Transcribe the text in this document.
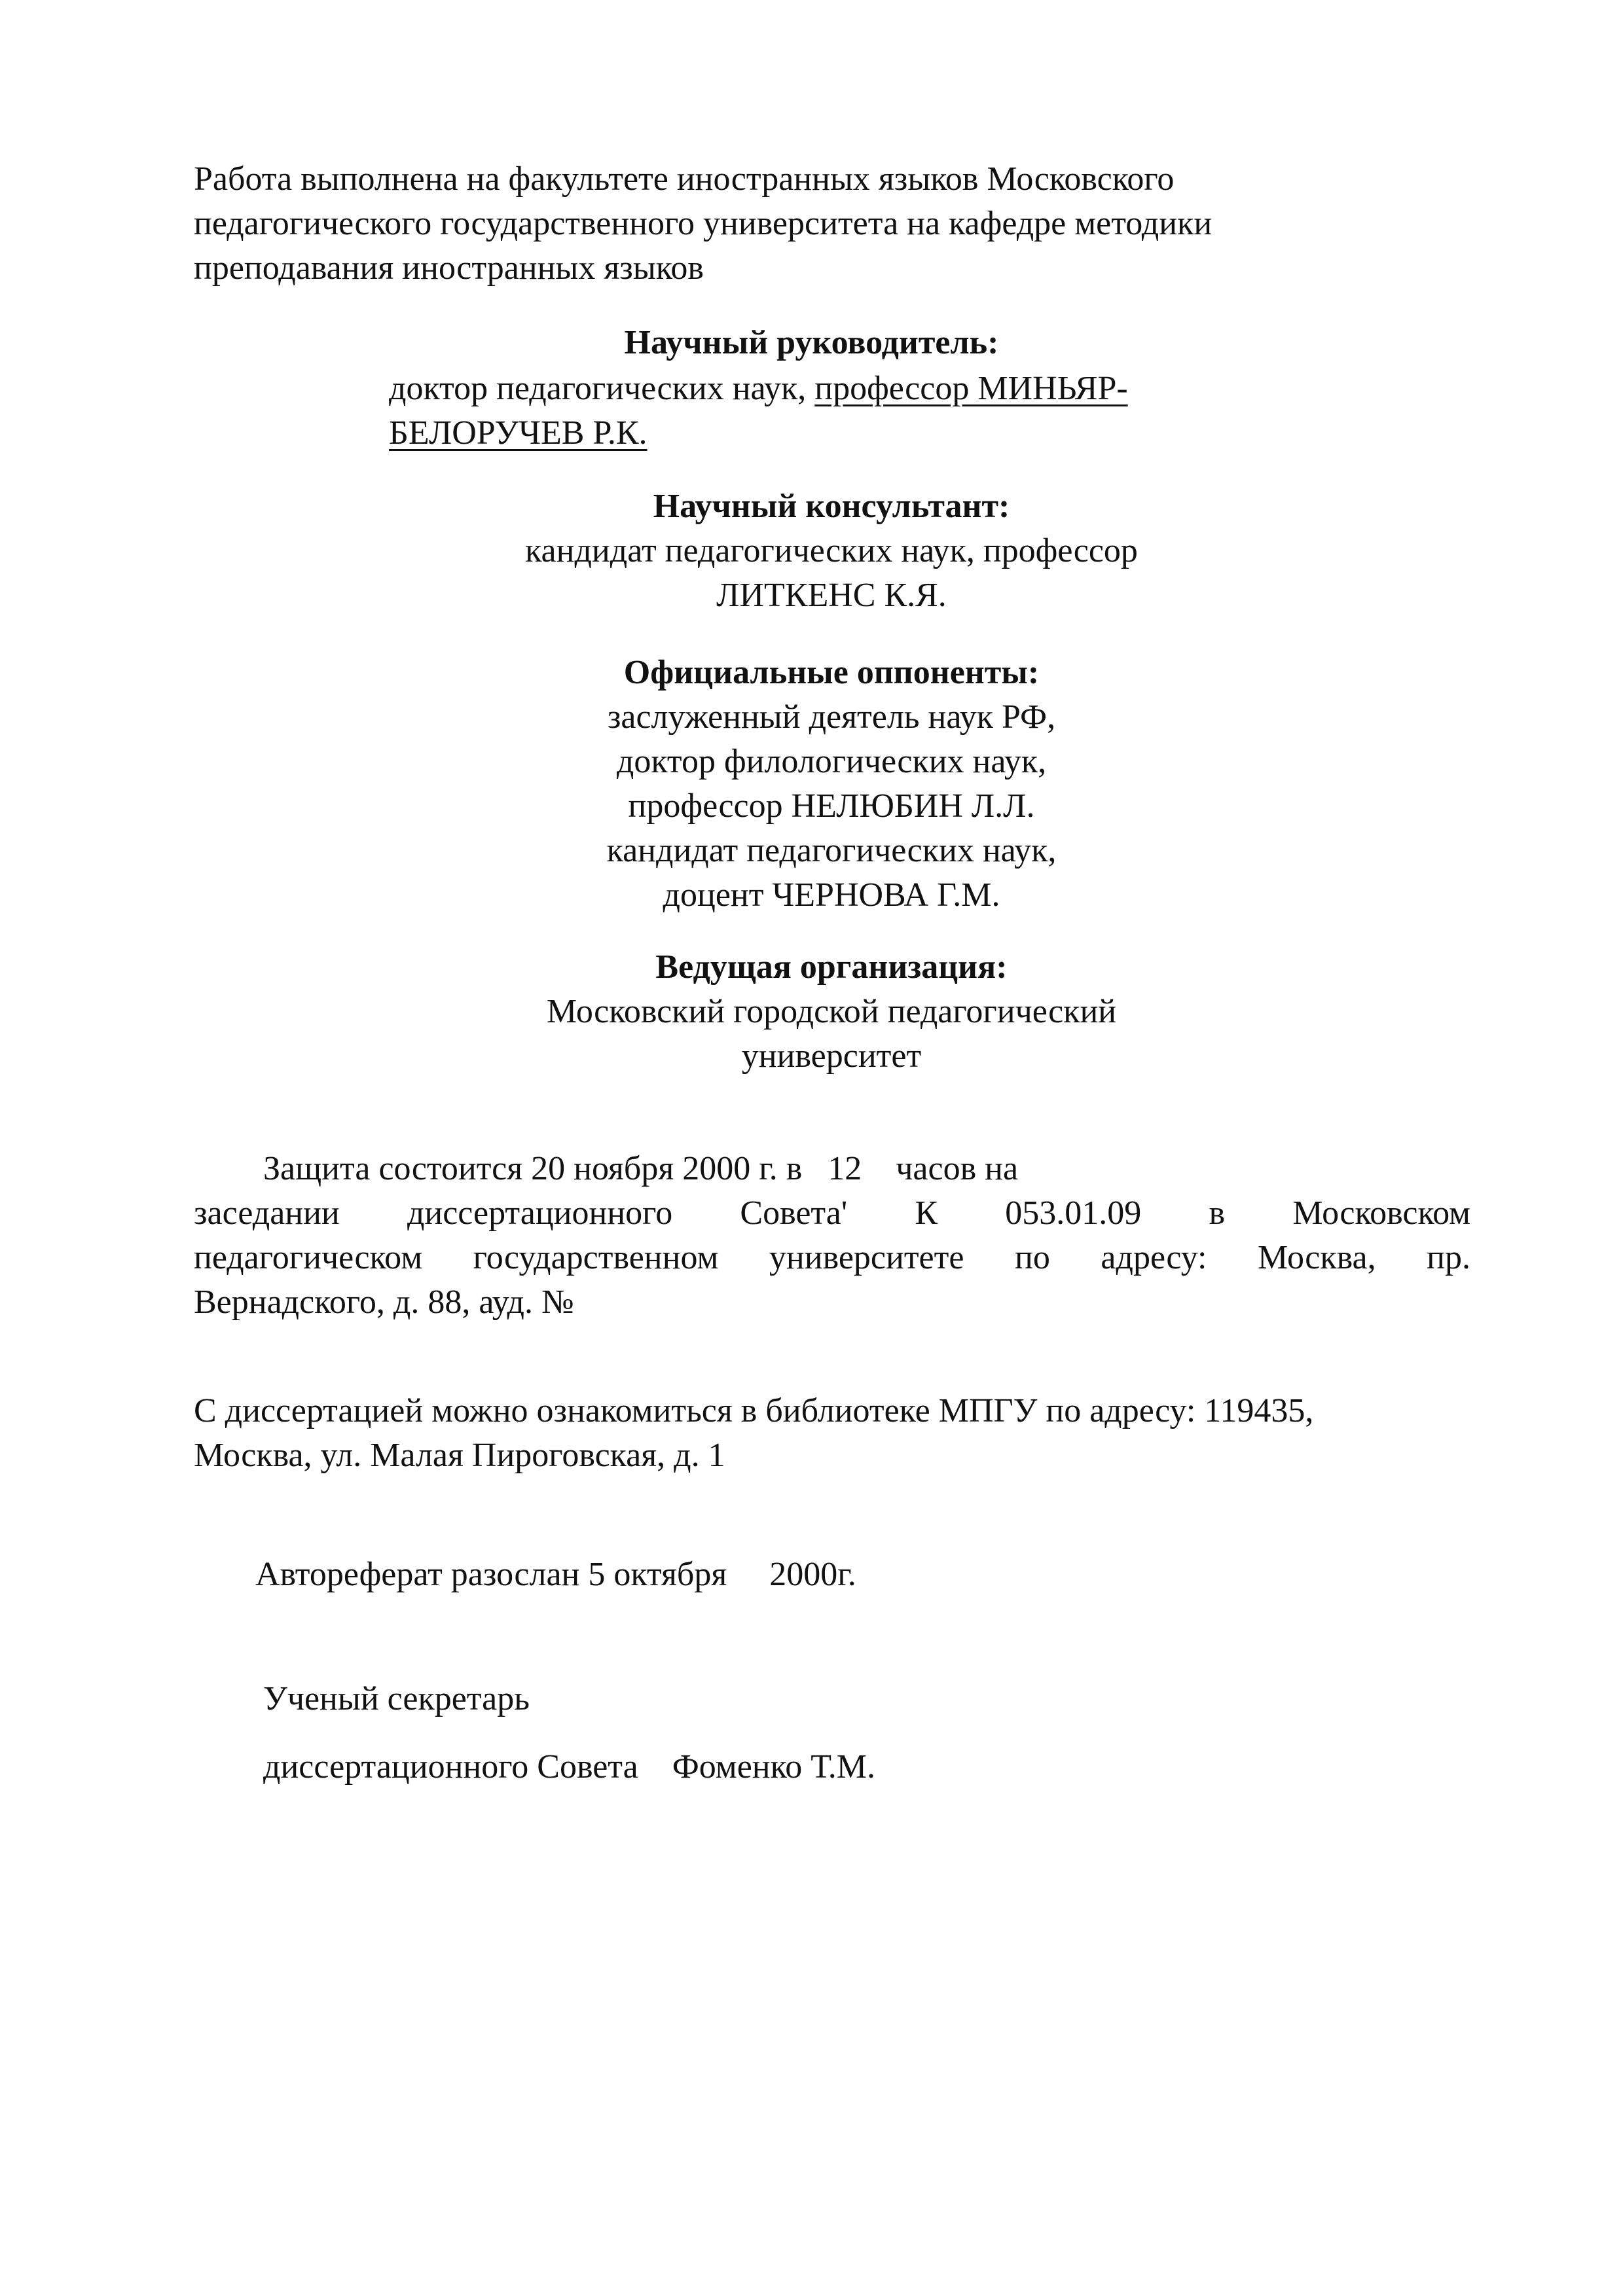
Работа выполнена на факультете иностранных языков Московского
педагогического государственного университета на кафедре методики
преподавания иностранных языков
Научный руководитель:
доктор педагогических наук, профессор МИНЬЯР-
БЕЛОРУЧЕВ Р.К.
Научный консультант:
кандидат педагогических наук, профессор
ЛИТКЕНС К.Я.
Официальные оппоненты:
заслуженный деятель наук РФ,
доктор филологических наук,
профессор НЕЛЮБИН Л.Л.
кандидат педагогических наук,
доцент ЧЕРНОВА Г.М.
Ведущая организация:
Московский городской педагогический
университет
Защита состоится 20 ноября 2000 г. в   12    часов на
заседании диссертационного Совета' К 053.01.09 в Московском
педагогическом государственном университете по адресу: Москва, пр.
Вернадского, д. 88, ауд. №
С диссертацией можно ознакомиться в библиотеке МПГУ по адресу: 119435,
Москва, ул. Малая Пироговская, д. 1
Автореферат разослан 5 октября     2000г.
Ученый секретарь
диссертационного Совета    Фоменко Т.М.
